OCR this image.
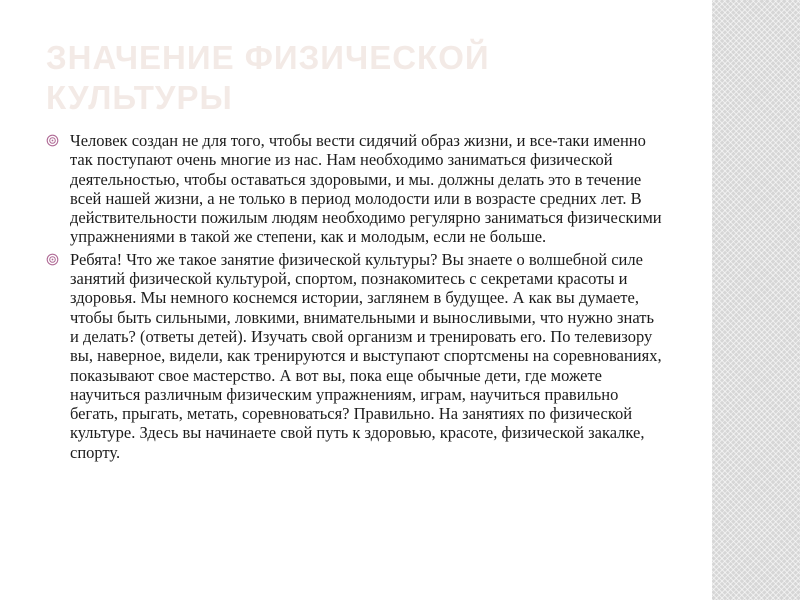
ЗНАЧЕНИЕ ФИЗИЧЕСКОЙ КУЛЬТУРЫ
Человек создан не для того, чтобы вести сидячий образ жизни, и все-таки именно так поступают очень многие из нас. Нам необходимо заниматься физической деятельностью, чтобы оставаться здоровыми, и мы. должны делать это в течение всей нашей жизни, а не только в период молодости или в возрасте средних лет. В действительности пожилым людям необходимо регулярно заниматься физическими упражнениями в такой же степени, как и молодым, если не больше.
Ребята! Что же такое занятие физической культуры? Вы знаете о волшебной силе занятий физической культурой, спортом, познакомитесь с секретами красоты и здоровья. Мы немного коснемся истории, заглянем в будущее. А как вы думаете, чтобы быть сильными, ловкими, внимательными и выносливыми, что нужно знать и делать? (ответы детей). Изучать свой организм и тренировать его. По телевизору вы, наверное, видели, как тренируются и выступают спортсмены на соревнованиях, показывают свое мастерство. А вот вы, пока еще обычные дети, где можете научиться различным физическим упражнениям, играм, научиться правильно бегать, прыгать, метать, соревноваться? Правильно. На занятиях по физической культуре. Здесь вы начинаете свой путь к здоровью, красоте, физической закалке, спорту.
